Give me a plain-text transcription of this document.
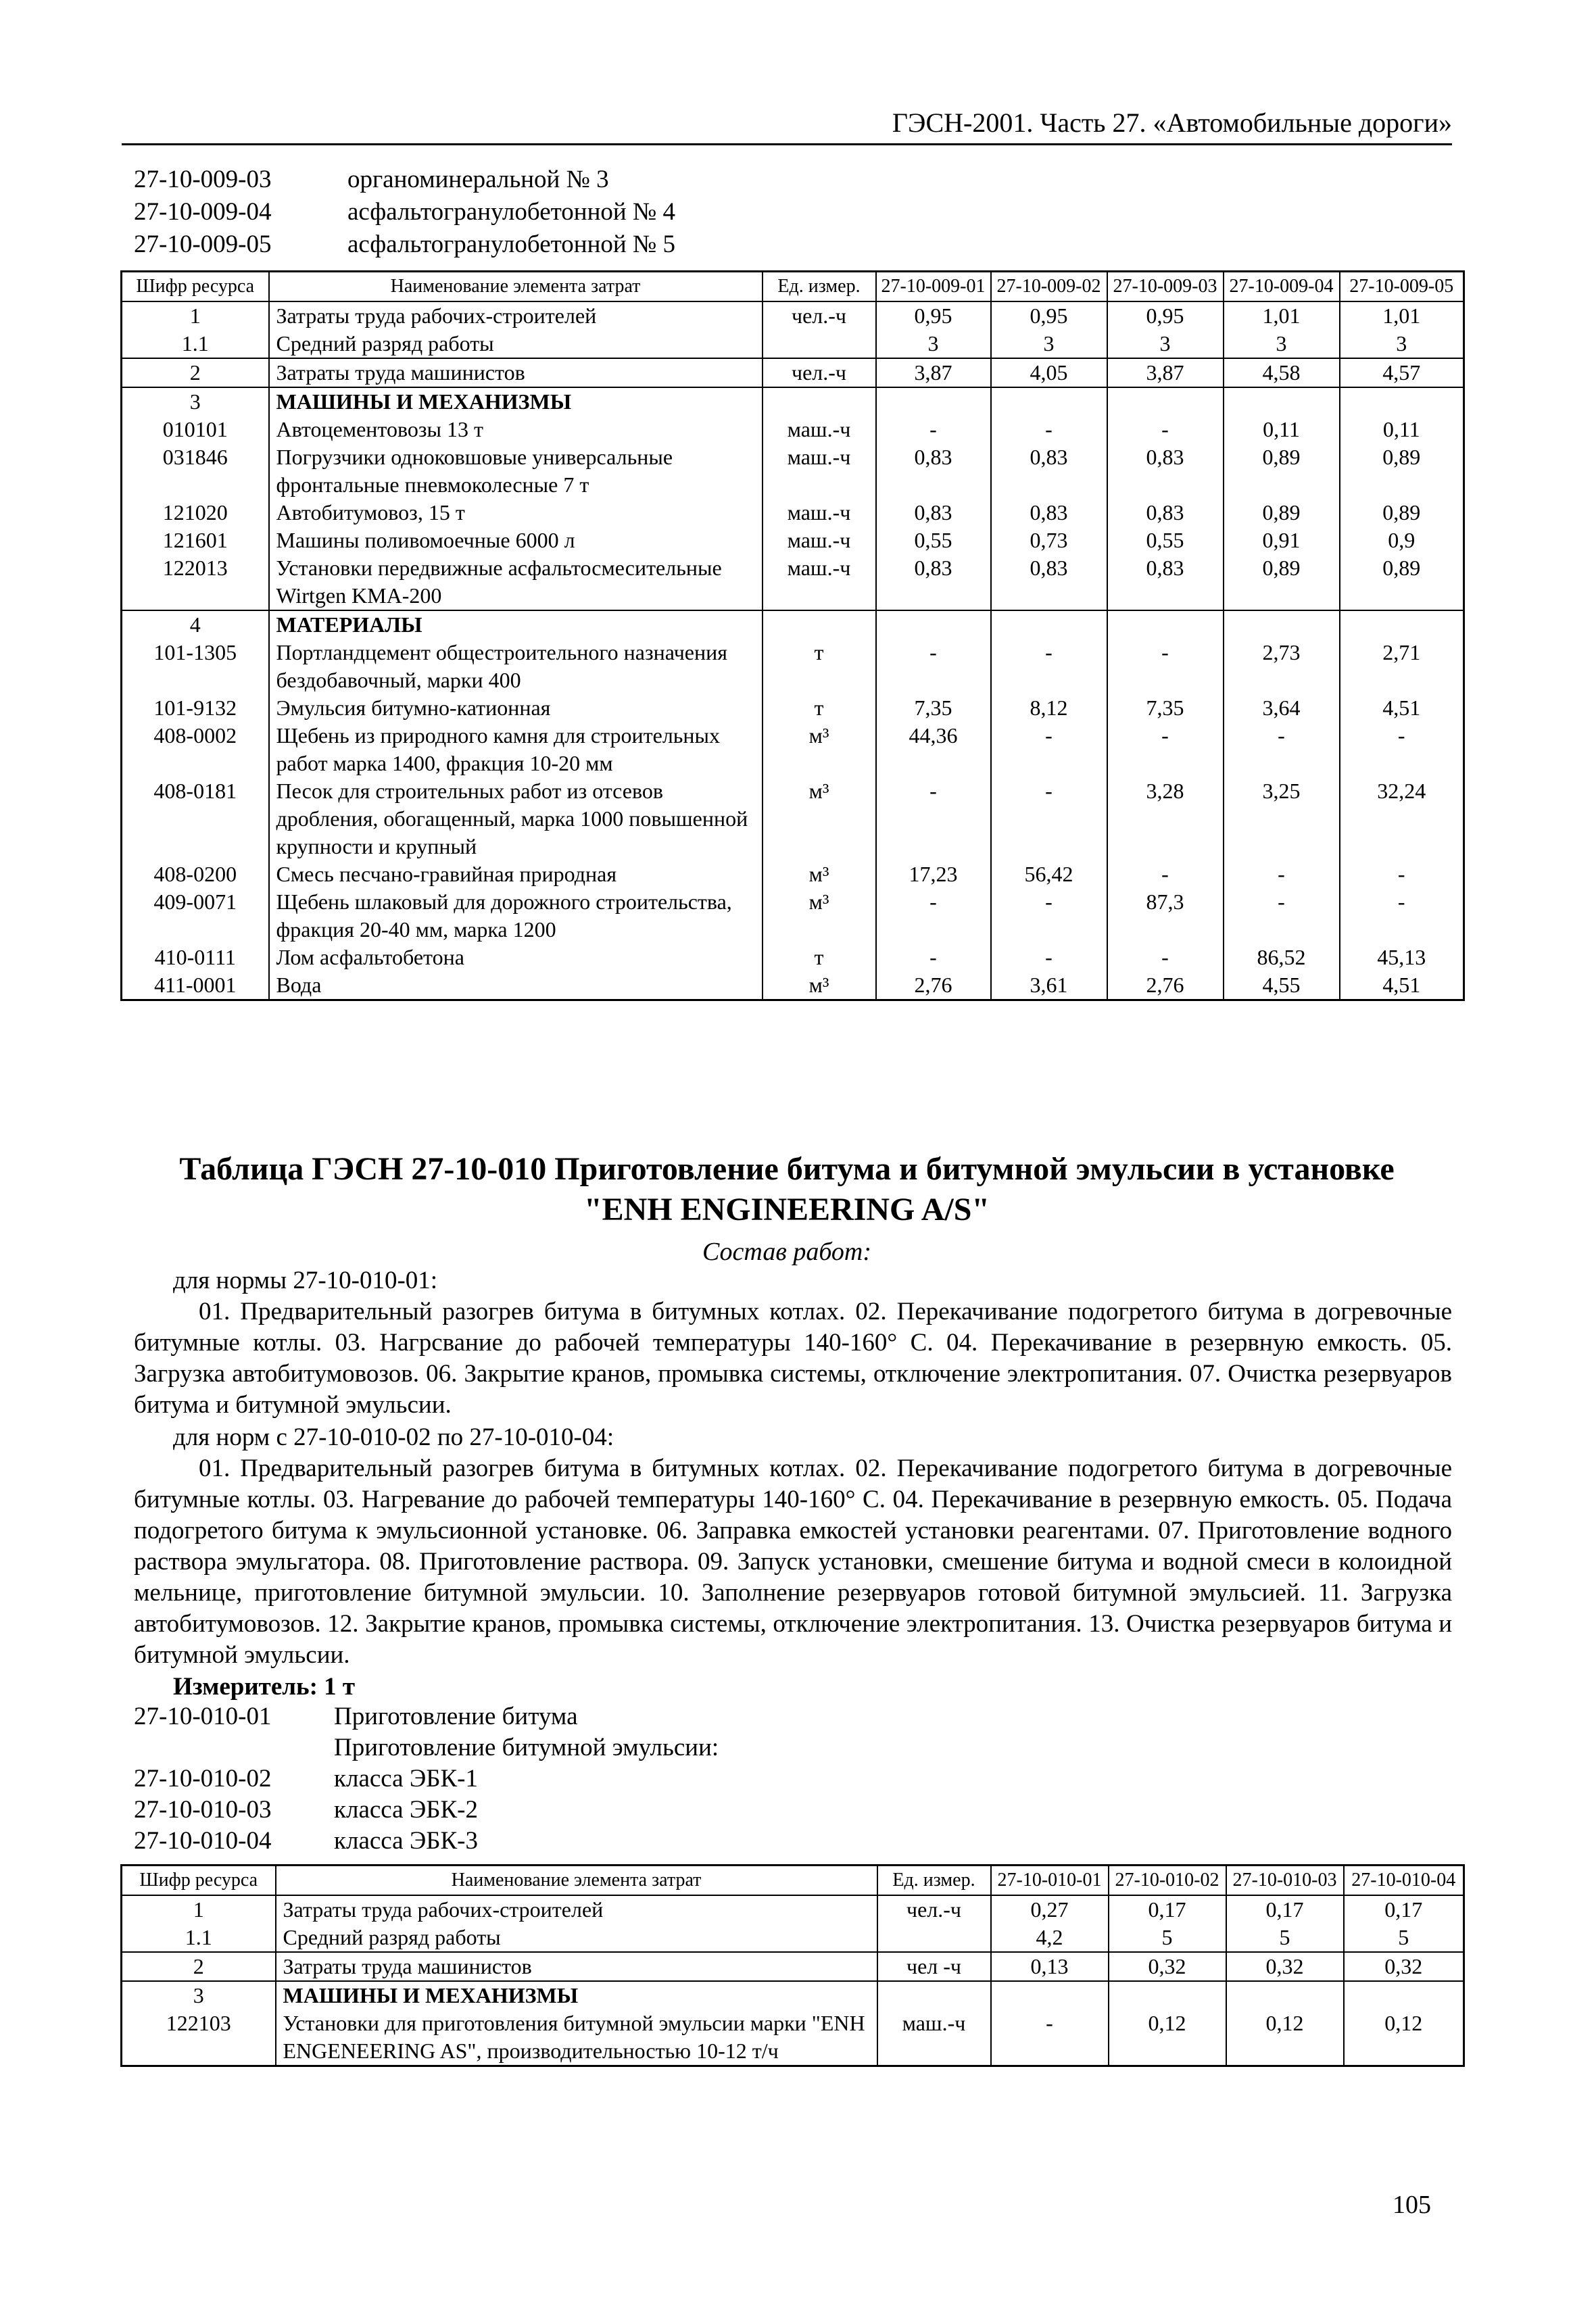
ГЭСН-2001. Часть 27. «Автомобильные дороги»
27-10-009-03	органоминеральной № 3
27-10-009-04	асфальтогранулобетонной № 4
27-10-009-05	асфальтогранулобетонной № 5
Шифр ресурса	Наименование элемента затрат	Ед. измер.	27-10-009-01	27-10-009-02	27-10-009-03	27-10-009-04	27-10-009-05
1	Затраты труда рабочих-строителей	чел.-ч	0,95	0,95	0,95	1,01	1,01
1.1	Средний разряд работы		3	3	3	3	3
2	Затраты труда машинистов	чел.-ч	3,87	4,05	3,87	4,58	4,57
3	МАШИНЫ И МЕХАНИЗМЫ						
010101	Автоцементовозы 13 т	маш.-ч	-	-	-	0,11	0,11
031846	Погрузчики одноковшовые универсальные фронтальные пневмоколесные 7 т	маш.-ч	0,83	0,83	0,83	0,89	0,89
121020	Автобитумовоз, 15 т	маш.-ч	0,83	0,83	0,83	0,89	0,89
121601	Машины поливомоечные 6000 л	маш.-ч	0,55	0,73	0,55	0,91	0,9
122013	Установки передвижные асфальтосмесительные Wirtgen KMA-200	маш.-ч	0,83	0,83	0,83	0,89	0,89
4	МАТЕРИАЛЫ						
101-1305	Портландцемент общестроительного назначения бездобавочный, марки 400	т	-	-	-	2,73	2,71
101-9132	Эмульсия битумно-катионная	т	7,35	8,12	7,35	3,64	4,51
408-0002	Щебень из природного камня для строительных работ марка 1400, фракция 10-20 мм	м³	44,36	-	-	-	-
408-0181	Песок для строительных работ из отсевов дробления, обогащенный, марка 1000 повышенной крупности и крупный	м³	-	-	3,28	3,25	32,24
408-0200	Смесь песчано-гравийная природная	м³	17,23	56,42	-	-	-
409-0071	Щебень шлаковый для дорожного строительства, фракция 20-40 мм, марка 1200	м³	-	-	87,3	-	-
410-0111	Лом асфальтобетона	т	-	-	-	86,52	45,13
411-0001	Вода	м³	2,76	3,61	2,76	4,55	4,51
Таблица ГЭСН 27-10-010 Приготовление битума и битумной эмульсии в установке
"ENH ENGINEERING A/S"
Состав работ:
для нормы 27-10-010-01:
01. Предварительный разогрев битума в битумных котлах. 02. Перекачивание подогретого битума в догревочные битумные котлы. 03. Нагрсвание до рабочей температуры 140-160° С. 04. Перекачивание в резервную емкость. 05. Загрузка автобитумовозов. 06. Закрытие кранов, промывка системы, отключение электропитания. 07. Очистка резервуаров битума и битумной эмульсии.
для норм с 27-10-010-02 по 27-10-010-04:
01. Предварительный разогрев битума в битумных котлах. 02. Перекачивание подогретого битума в догревочные битумные котлы. 03. Нагревание до рабочей температуры 140-160° С. 04. Перекачивание в резервную емкость. 05. Подача подогретого битума к эмульсионной установке. 06. Заправка емкостей установки реагентами. 07. Приготовление водного раствора эмульгатора. 08. Приготовление раствора. 09. Запуск установки, смешение битума и водной смеси в колоидной мельнице, приготовление битумной эмульсии. 10. Заполнение резервуаров готовой битумной эмульсией. 11. Загрузка автобитумовозов. 12. Закрытие кранов, промывка системы, отключение электропитания. 13. Очистка резервуаров битума и битумной эмульсии.
Измеритель: 1 т
27-10-010-01	Приготовление битума
Приготовление битумной эмульсии:
27-10-010-02	класса ЭБК-1
27-10-010-03	класса ЭБК-2
27-10-010-04	класса ЭБК-3
Шифр ресурса	Наименование элемента затрат	Ед. измер.	27-10-010-01	27-10-010-02	27-10-010-03	27-10-010-04
1	Затраты труда рабочих-строителей	чел.-ч	0,27	0,17	0,17	0,17
1.1	Средний разряд работы		4,2	5	5	5
2	Затраты труда машинистов	чел -ч	0,13	0,32	0,32	0,32
3	МАШИНЫ И МЕХАНИЗМЫ					
122103	Установки для приготовления битумной эмульсии марки "ENH ENGENEERING AS", производительностью 10-12 т/ч	маш.-ч	-	0,12	0,12	0,12
105
